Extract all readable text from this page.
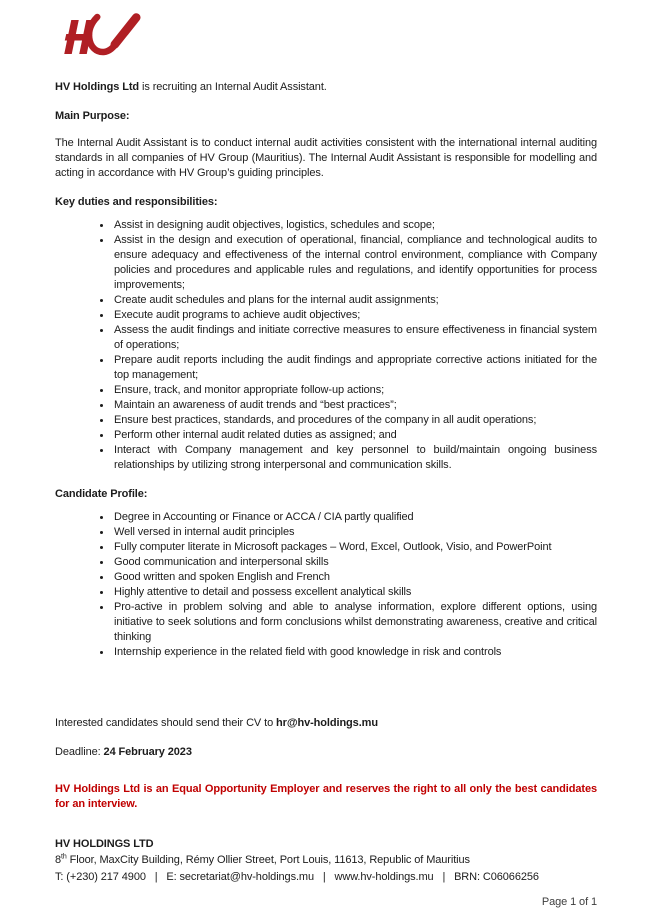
HV Holdings Ltd is recruiting an Internal Audit Assistant.

Main Purpose:

The Internal Audit Assistant is to conduct internal audit activities consistent with the international internal auditing standards in all companies of HV Group (Mauritius). The Internal Audit Assistant is responsible for modelling and acting in accordance with HV Group’s guiding principles.

Key duties and responsibilities:

• Assist in designing audit objectives, logistics, schedules and scope;
• Assist in the design and execution of operational, financial, compliance and technological audits to ensure adequacy and effectiveness of the internal control environment, compliance with Company policies and procedures and applicable rules and regulations, and identify opportunities for process improvements;
• Create audit schedules and plans for the internal audit assignments;
• Execute audit programs to achieve audit objectives;
• Assess the audit findings and initiate corrective measures to ensure effectiveness in financial system of operations;
• Prepare audit reports including the audit findings and appropriate corrective actions initiated for the top management;
• Ensure, track, and monitor appropriate follow-up actions;
• Maintain an awareness of audit trends and “best practices”;
• Ensure best practices, standards, and procedures of the company in all audit operations;
• Perform other internal audit related duties as assigned; and
• Interact with Company management and key personnel to build/maintain ongoing business relationships by utilizing strong interpersonal and communication skills.

Candidate Profile:

• Degree in Accounting or Finance or ACCA / CIA partly qualified
• Well versed in internal audit principles
• Fully computer literate in Microsoft packages – Word, Excel, Outlook, Visio, and PowerPoint
• Good communication and interpersonal skills
• Good written and spoken English and French
• Highly attentive to detail and possess excellent analytical skills
• Pro-active in problem solving and able to analyse information, explore different options, using initiative to seek solutions and form conclusions whilst demonstrating awareness, creative and critical thinking
• Internship experience in the related field with good knowledge in risk and controls

Interested candidates should send their CV to hr@hv-holdings.mu

Deadline: 24 February 2023

HV Holdings Ltd is an Equal Opportunity Employer and reserves the right to all only the best candidates for an interview.

HV HOLDINGS LTD

8th Floor, MaxCity Building, Rémy Ollier Street, Port Louis, 11613, Republic of Mauritius

T: (+230) 217 4900   |   E: secretariat@hv-holdings.mu   |   www.hv-holdings.mu   |   BRN: C06066256

Page 1 of 1
